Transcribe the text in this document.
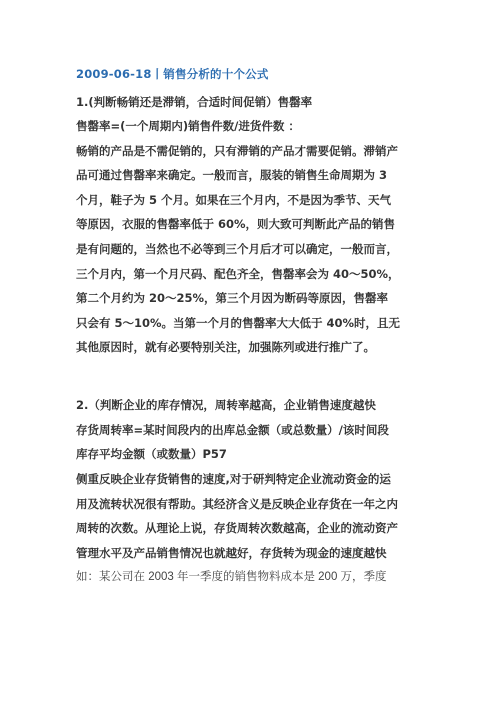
2009-06-18丨销售分析的十个公式
1.(判断畅销还是滞销，合适时间促销）售罄率
售罄率=(一个周期内)销售件数/进货件数 ：
畅销的产品是不需促销的，只有滞销的产品才需要促销。滞销产
品可通过售罄率来确定。一般而言，服装的销售生命周期为 3
个月，鞋子为 5 个月。如果在三个月内，不是因为季节、天气
等原因，衣服的售罄率低于 60%，则大致可判断此产品的销售
是有问题的，当然也不必等到三个月后才可以确定，一般而言，
三个月内，第一个月尺码、配色齐全，售罄率会为 40～50%，
第二个月约为 20～25%，第三个月因为断码等原因，售罄率
只会有 5～10%。当第一个月的售罄率大大低于 40%时，且无
其他原因时，就有必要特别关注，加强陈列或进行推广了。
2.（判断企业的库存情况，周转率越高，企业销售速度越快
存货周转率=某时间段内的出库总金额（或总数量）/该时间段
库存平均金额（或数量）P57
侧重反映企业存货销售的速度,对于研判特定企业流动资金的运
用及流转状况很有帮助。其经济含义是反映企业存货在一年之内
周转的次数。从理论上说，存货周转次数越高，企业的流动资产
管理水平及产品销售情况也就越好，存货转为现金的速度越快
如：某公司在 2003 年一季度的销售物料成本是 200 万，季度
